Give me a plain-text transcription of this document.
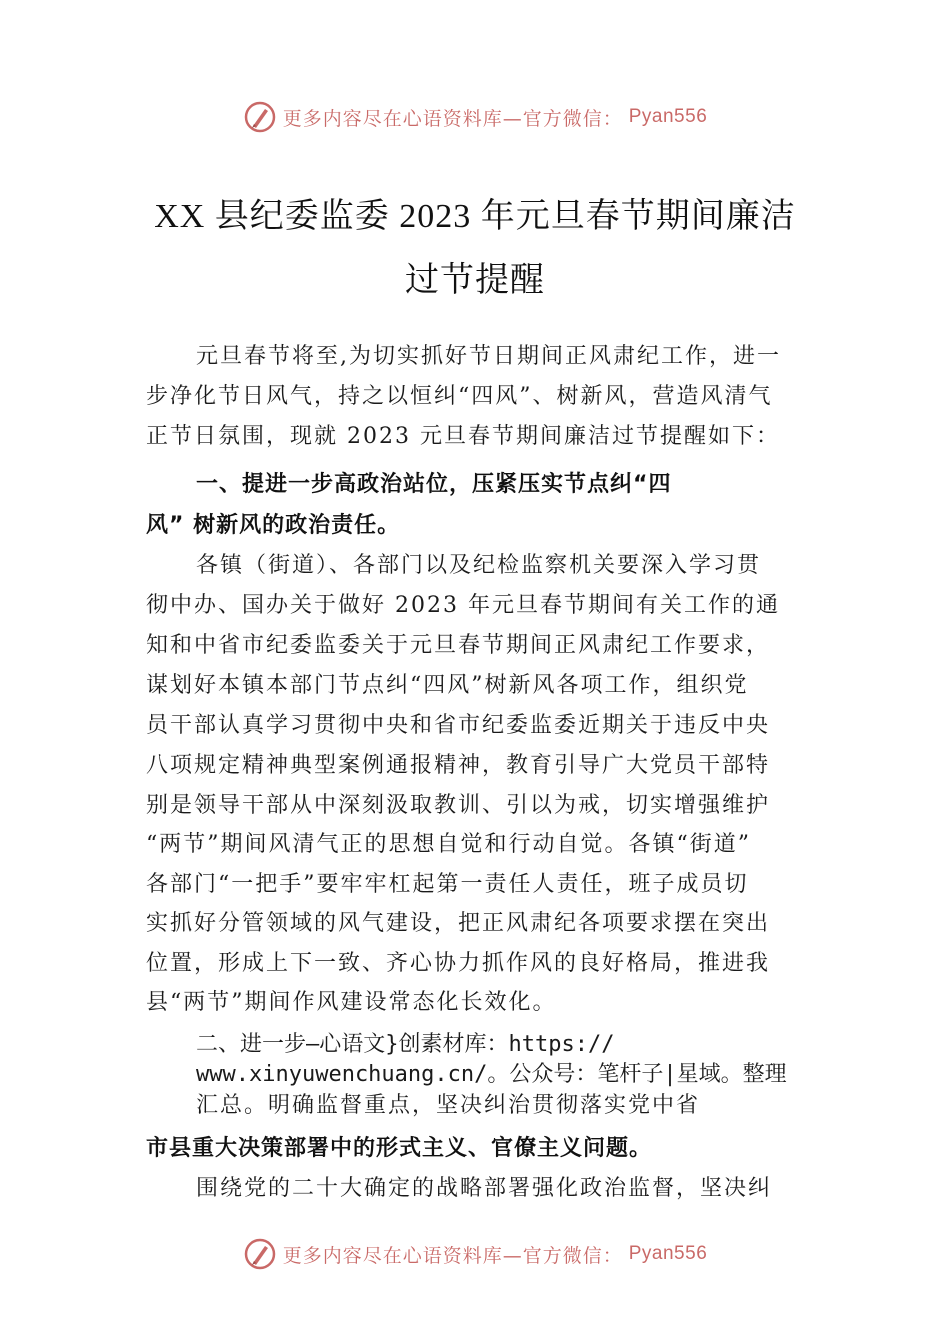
更多内容尽在心语资料库—官方微信： Pyan556
XX 县纪委监委 2023 年元旦春节期间廉洁
过节提醒
元旦春节将至,为切实抓好节日期间正风肃纪工作，进一
步净化节日风气，持之以恒纠“四风”、树新风，营造风清气
正节日氛围，现就 2023 元旦春节期间廉洁过节提醒如下：
一、提进一步高政治站位，压紧压实节点纠“四
风” 树新风的政治责任。
各镇（街道）、各部门以及纪检监察机关要深入学习贯
彻中办、国办关于做好 2023 年元旦春节期间有关工作的通
知和中省市纪委监委关于元旦春节期间正风肃纪工作要求，
谋划好本镇本部门节点纠“四风”树新风各项工作，组织党
员干部认真学习贯彻中央和省市纪委监委近期关于违反中央
八项规定精神典型案例通报精神，教育引导广大党员干部特
别是领导干部从中深刻汲取教训、引以为戒，切实增强维护
“两节”期间风清气正的思想自觉和行动自觉。各镇“街道”
各部门“一把手”要牢牢杠起第一责任人责任，班子成员切
实抓好分管领域的风气建设，把正风肃纪各项要求摆在突出
位置，形成上下一致、齐心协力抓作风的良好格局，推进我
县“两节”期间作风建设常态化长效化。
二、进一步—心语文}创素材库：https://
www.xinyuwenchuang.cn/。公众号：笔杆子|星域。整理
汇总。明确监督重点，坚决纠治贯彻落实党中省
市县重大决策部署中的形式主义、官僚主义问题。
围绕党的二十大确定的战略部署强化政治监督，坚决纠
更多内容尽在心语资料库—官方微信： Pyan556
